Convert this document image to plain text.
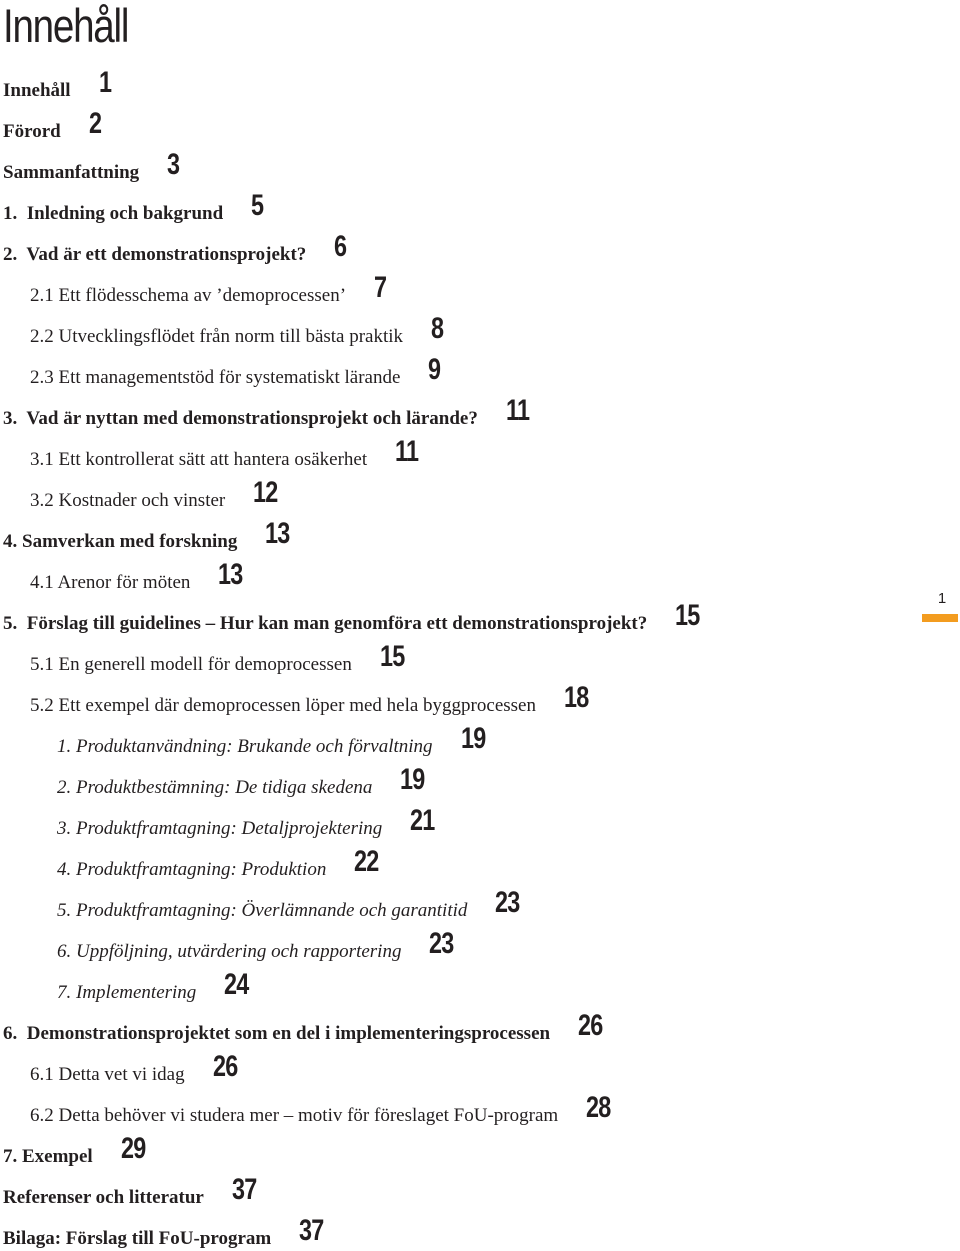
Innehåll
Innehåll 1
Förord 2
Sammanfattning 3
1.  Inledning och bakgrund 5
2.  Vad är ett demonstrationsprojekt? 6
2.1 Ett flödesschema av ’demoprocessen’ 7
2.2 Utvecklingsflödet från norm till bästa praktik 8
2.3 Ett managementstöd för systematiskt lärande 9
3.  Vad är nyttan med demonstrationsprojekt och lärande? 11
3.1 Ett kontrollerat sätt att hantera osäkerhet 11
3.2 Kostnader och vinster 12
4. Samverkan med forskning 13
4.1 Arenor för möten 13
5.  Förslag till guidelines – Hur kan man genomföra ett demonstrationsprojekt? 15
5.1 En generell modell för demoprocessen 15
5.2 Ett exempel där demoprocessen löper med hela byggprocessen 18
1. Produktanvändning: Brukande och förvaltning 19
2. Produktbestämning: De tidiga skedena 19
3. Produktframtagning: Detaljprojektering 21
4. Produktframtagning: Produktion 22
5. Produktframtagning: Överlämnande och garantitid 23
6. Uppföljning, utvärdering och rapportering 23
7. Implementering 24
6.  Demonstrationsprojektet som en del i implementeringsprocessen 26
6.1 Detta vet vi idag 26
6.2 Detta behöver vi studera mer – motiv för föreslaget FoU-program 28
7. Exempel 29
Referenser och litteratur 37
Bilaga: Förslag till FoU-program 37
1
